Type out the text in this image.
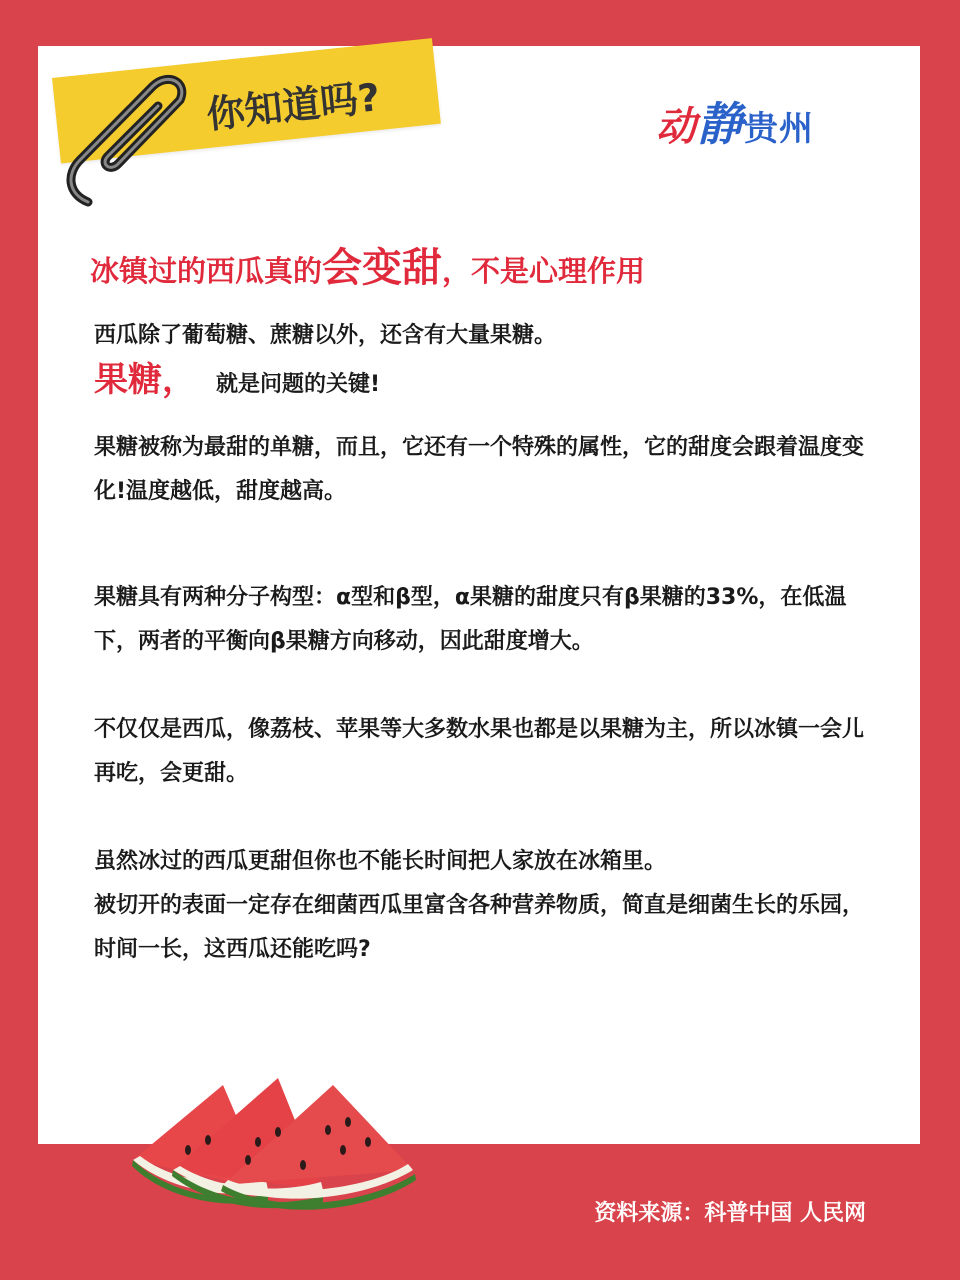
你知道吗?	动静贵州
冰镇过的西瓜真的会变甜，不是心理作用
西瓜除了葡萄糖、蔗糖以外，还含有大量果糖。
果糖， 就是问题的关键!

果糖被称为最甜的单糖，而且，它还有一个特殊的属性，它的甜度会跟着温度变化!温度越低，甜度越高。

果糖具有两种分子构型：α型和β型，α果糖的甜度只有β果糖的33%，在低温下，两者的平衡向β果糖方向移动，因此甜度增大。

不仅仅是西瓜，像荔枝、苹果等大多数水果也都是以果糖为主，所以冰镇一会儿再吃，会更甜。

虽然冰过的西瓜更甜但你也不能长时间把人家放在冰箱里。

被切开的表面一定存在细菌西瓜里富含各种营养物质，简直是细菌生长的乐园，时间一长，这西瓜还能吃吗?

资料来源：科普中国 人民网
